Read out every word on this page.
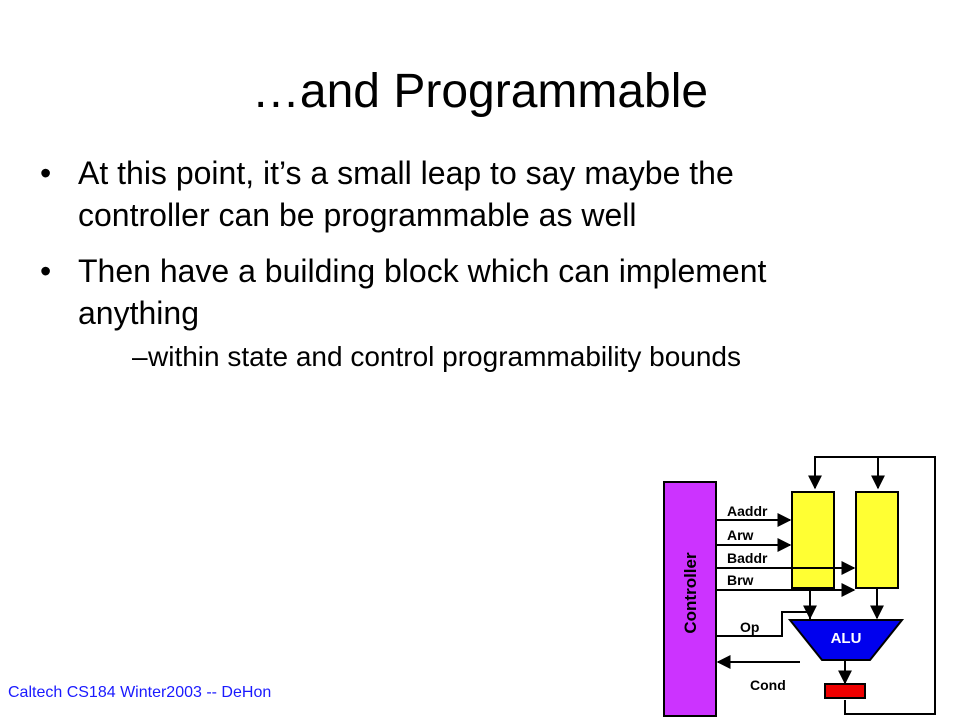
…and Programmable
• At this point, it’s a small leap to say maybe the controller can be programmable as well
• Then have a building block which can implement anything
– within state and control programmability bounds
Controller
Aaddr
Arw
Baddr
Brw
Op
Cond
ALU
Caltech CS184 Winter2003 -- DeHon
